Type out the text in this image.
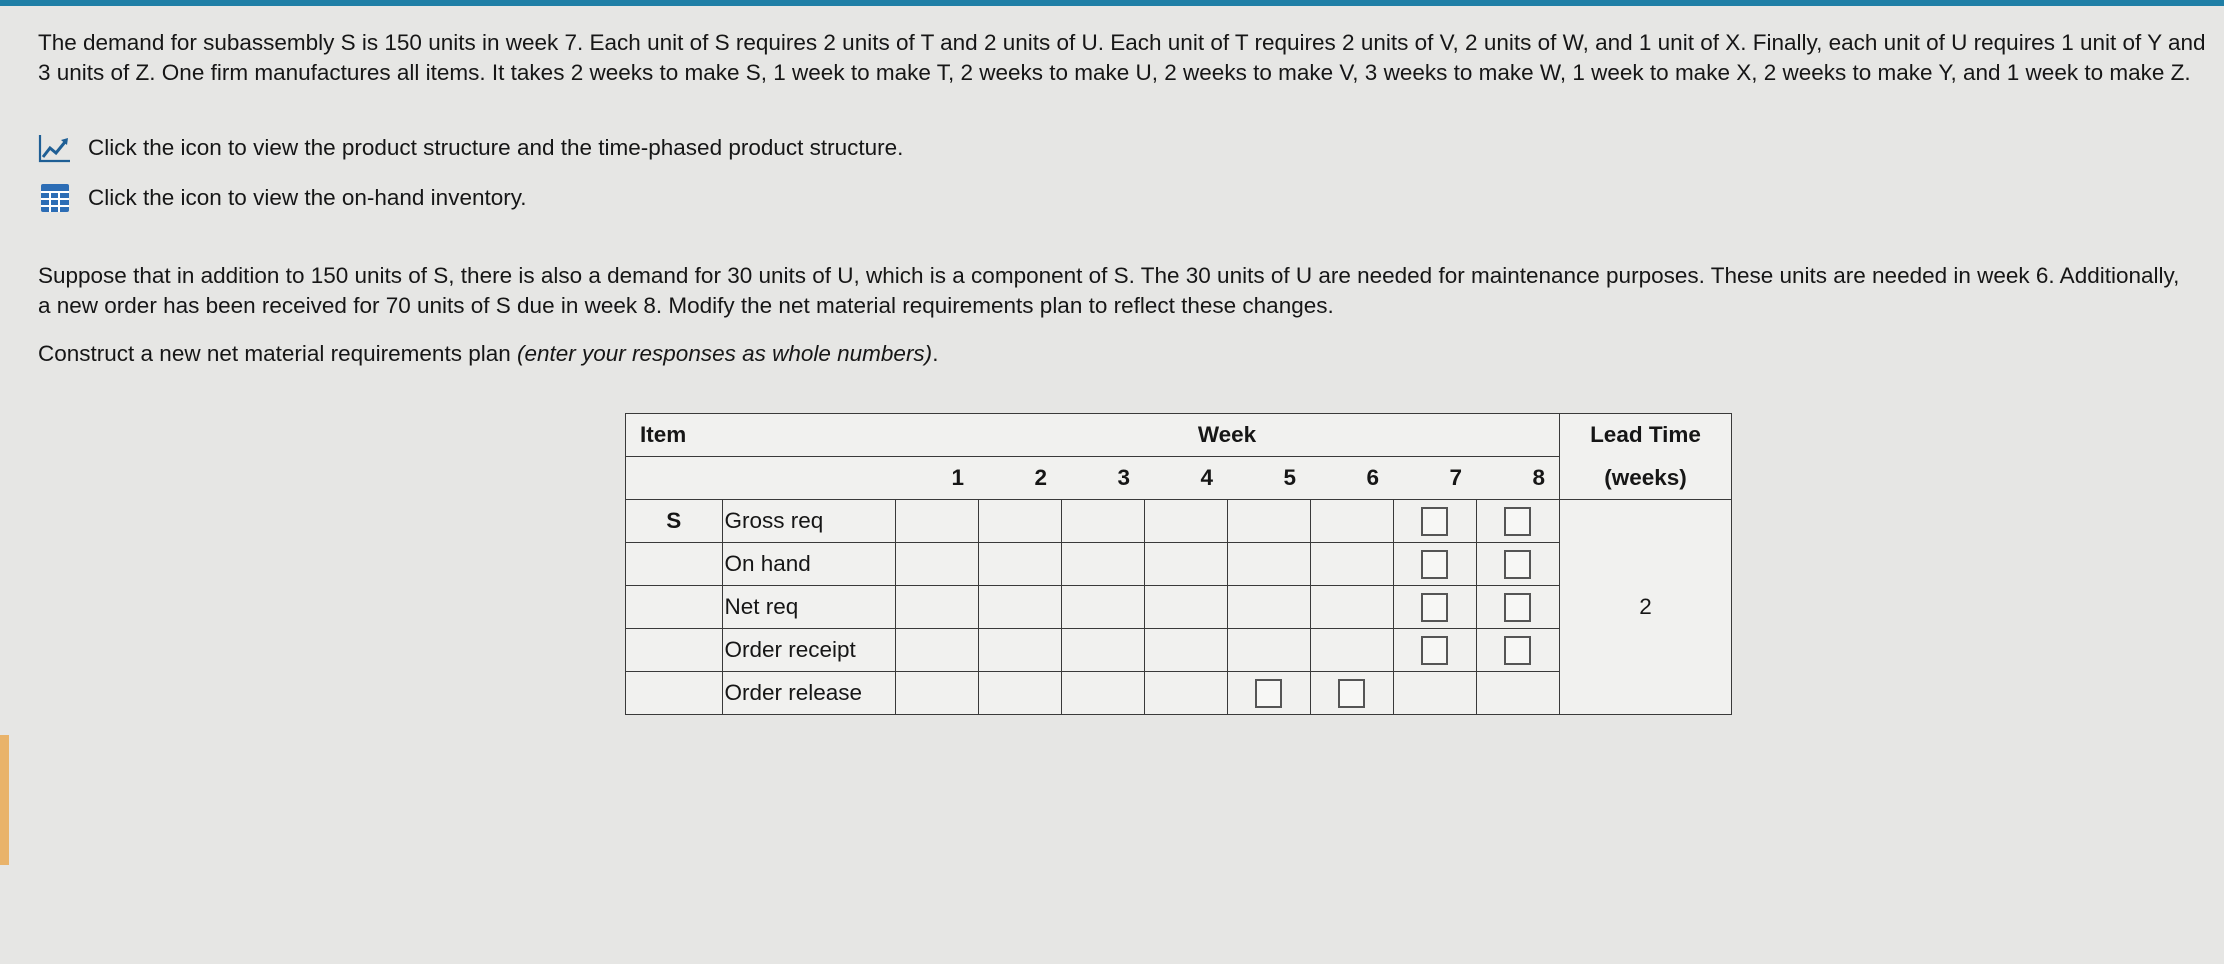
The demand for subassembly S is 150 units in week 7. Each unit of S requires 2 units of T and 2 units of U. Each unit of T requires 2 units of V, 2 units of W, and 1 unit of X. Finally, each unit of U requires 1 unit of Y and 3 units of Z. One firm manufactures all items. It takes 2 weeks to make S, 1 week to make T, 2 weeks to make U, 2 weeks to make V, 3 weeks to make W, 1 week to make X, 2 weeks to make Y, and 1 week to make Z.

Click the icon to view the product structure and the time-phased product structure.
Click the icon to view the on-hand inventory.

Suppose that in addition to 150 units of S, there is also a demand for 30 units of U, which is a component of S. The 30 units of U are needed for maintenance purposes. These units are needed in week 6. Additionally, a new order has been received for 70 units of S due in week 8. Modify the net material requirements plan to reflect these changes.

Construct a new net material requirements plan (enter your responses as whole numbers).

Item		Week								Lead Time
		1	2	3	4	5	6	7	8	(weeks)
S	Gross req									2
	On hand							

	Net req							

	Order receipt							

	Order release					
